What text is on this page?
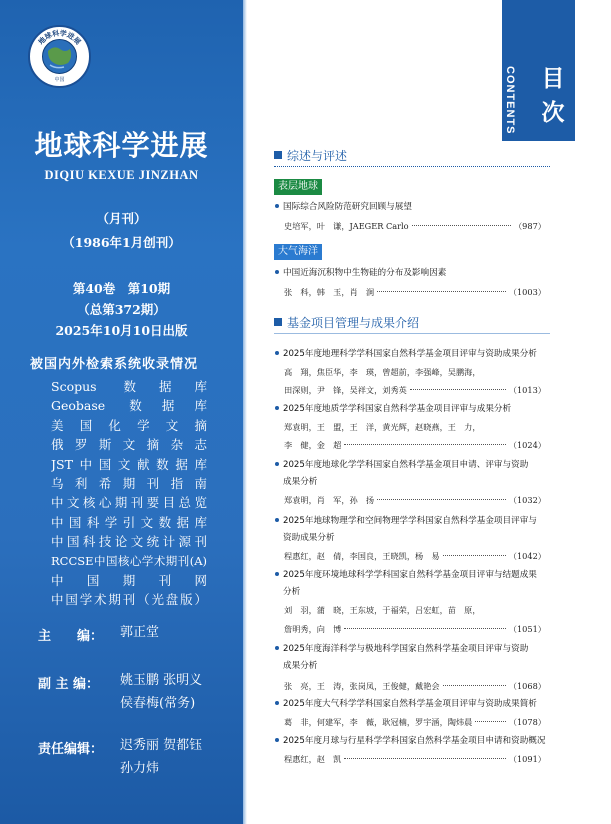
地球科学进展
中国
地球科学进展
DIQIU KEXUE JINZHAN
（月刊）
（1986年1月创刊）
第40卷　第10期
（总第372期）
2025年10月10日出版
被国内外检索系统收录情况
Scopus 数据库
Geobase 数据库
美国化学文摘
俄罗斯文摘杂志
JST中国文献数据库
乌利希期刊指南
中文核心期刊要目总览
中国科学引文数据库
中国科技论文统计源刊
RCCSE中国核心学术期刊(A)
中国期刊网
中国学术期刊（光盘版）
主　　编：	郭正堂
副 主 编：	姚玉鹏 张明义
侯春梅(常务)
责任编辑：	迟秀丽 贺都钰
孙力炜
CONTENTS 目
次
综述与评述
表层地球
国际综合风险防范研究回顾与展望
史培军，叶　谦，JAEGER Carlo	（987）
大气海洋
中国近海沉积物中生物硅的分布及影响因素
张　科，韩　玉，肖　涧	（1003）
基金项目管理与成果介绍
2025年度地理科学学科国家自然科学基金项目评审与资助成果分析
高　翔，焦臣华，李　瑛，曾超前，李强峰，吴鹏海，
田深则，尹　锋，吴祥文，刘秀英	（1013）
2025年度地质学学科国家自然科学基金项目评审与成果分析
郑袁明，王　盟，王　洋，黄光辉，赵晓燕，王　力，
李　健，金　超	（1024）
2025年度地球化学学科国家自然科学基金项目申请、评审与资助
成果分析
郑袁明，肖　军，孙　扬	（1032）
2025年地球物理学和空间物理学学科国家自然科学基金项目评审与
资助成果分析
程惠红，赵　倩，李国良，王晓凯，杨　易	（1042）
2025年度环境地球科学学科国家自然科学基金项目评审与结题成果
分析
刘　羽，蒲　晓，王东坡，于福荣，吕宏虹，苗　原，
詹明秀，向　博	（1051）
2025年度海洋科学与极地科学国家自然科学基金项目评审与资助
成果分析
张　亮，王　涛，张岗凤，王俊健，戴艳会	（1068）
2025年度大气科学学科国家自然科学基金项目评审与资助成果简析
葛　非，何建军，李　薇，耿冠楠，罗宇涵，陶炜晨	（1078）
2025年度月球与行星科学学科国家自然科学基金项目申请和资助概况
程惠红，赵　凯	（1091）
